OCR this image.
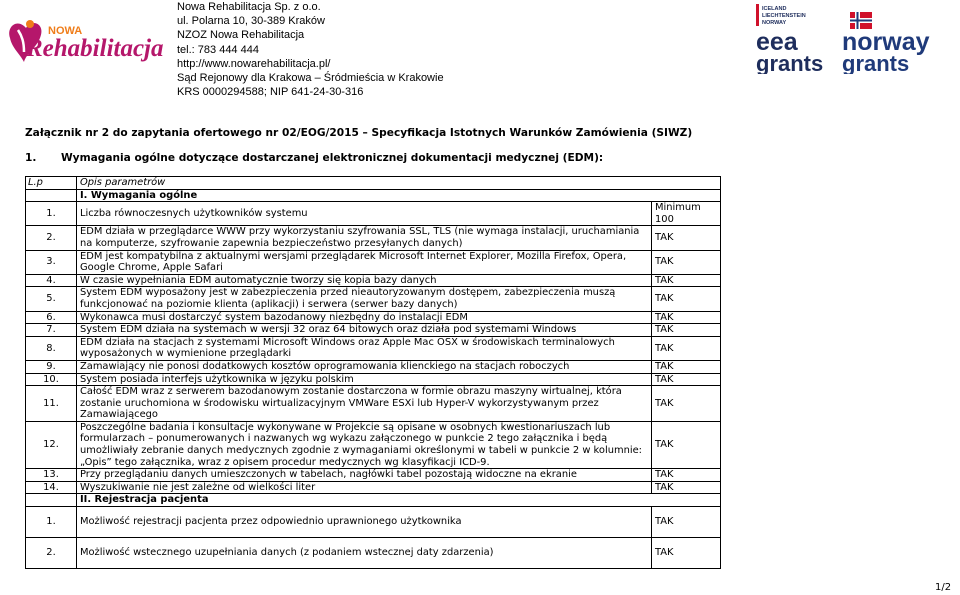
NOWA
Rehabilitacja
Nowa Rehabilitacja Sp. z o.o.
ul. Polarna 10, 30-389 Kraków
NZOZ Nowa Rehabilitacja
tel.: 783 444 444
http://www.nowarehabilitacja.pl/
Sąd Rejonowy dla Krakowa – Śródmieścia w Krakowie
KRS 0000294588; NIP 641-24-30-316
ICELAND
LIECHTENSTEIN
NORWAY
eea
grants
norway
grants
Załącznik nr 2 do zapytania ofertowego nr 02/EOG/2015 – Specyfikacja Istotnych Warunków Zamówienia (SIWZ)
1. Wymagania ogólne dotyczące dostarczanej elektronicznej dokumentacji medycznej (EDM):
L.p	Opis parametrów	
	I. Wymagania ogólne	
1.	Liczba równoczesnych użytkowników systemu	Minimum 100
2.	EDM działa w przeglądarce WWW przy wykorzystaniu szyfrowania SSL, TLS (nie wymaga instalacji, uruchamiania na komputerze, szyfrowanie zapewnia bezpieczeństwo przesyłanych danych)	TAK
3.	EDM jest kompatybilna z aktualnymi wersjami przeglądarek Microsoft Internet Explorer, Mozilla Firefox, Opera, Google Chrome, Apple Safari	TAK
4.	W czasie wypełniania EDM automatycznie tworzy się kopia bazy danych	TAK
5.	System EDM wyposażony jest w zabezpieczenia przed nieautoryzowanym dostępem, zabezpieczenia muszą funkcjonować na poziomie klienta (aplikacji) i serwera (serwer bazy danych)	TAK
6.	Wykonawca musi dostarczyć system bazodanowy niezbędny do instalacji EDM	TAK
7.	System EDM działa na systemach w wersji 32 oraz 64 bitowych oraz działa pod systemami Windows	TAK
8.	EDM działa na stacjach z systemami Microsoft Windows oraz Apple Mac OSX w środowiskach terminalowych wyposażonych w wymienione przeglądarki	TAK
9.	Zamawiający nie ponosi dodatkowych kosztów oprogramowania klienckiego na stacjach roboczych	TAK
10.	System posiada interfejs użytkownika w języku polskim	TAK
11.	Całość EDM wraz z serwerem bazodanowym zostanie dostarczona w formie obrazu maszyny wirtualnej, która zostanie uruchomiona w środowisku wirtualizacyjnym VMWare ESXi lub Hyper-V wykorzystywanym przez Zamawiającego	TAK
12.	Poszczególne badania i konsultacje wykonywane w Projekcie są opisane w osobnych kwestionariuszach lub formularzach – ponumerowanych i nazwanych wg wykazu załączonego w punkcie 2 tego załącznika i będą umożliwiały zebranie danych medycznych zgodnie z wymaganiami określonymi w tabeli w punkcie 2 w kolumnie: „Opis” tego załącznika, wraz z opisem procedur medycznych wg klasyfikacji ICD-9.	TAK
13.	Przy przeglądaniu danych umieszczonych w tabelach, nagłówki tabel pozostają widoczne na ekranie	TAK
14.	Wyszukiwanie nie jest zależne od wielkości liter	TAK
	II. Rejestracja pacjenta	
1.	Możliwość rejestracji pacjenta przez odpowiednio uprawnionego użytkownika	TAK
2.	Możliwość wstecznego uzupełniania danych (z podaniem wstecznej daty zdarzenia)	TAK
1/2
